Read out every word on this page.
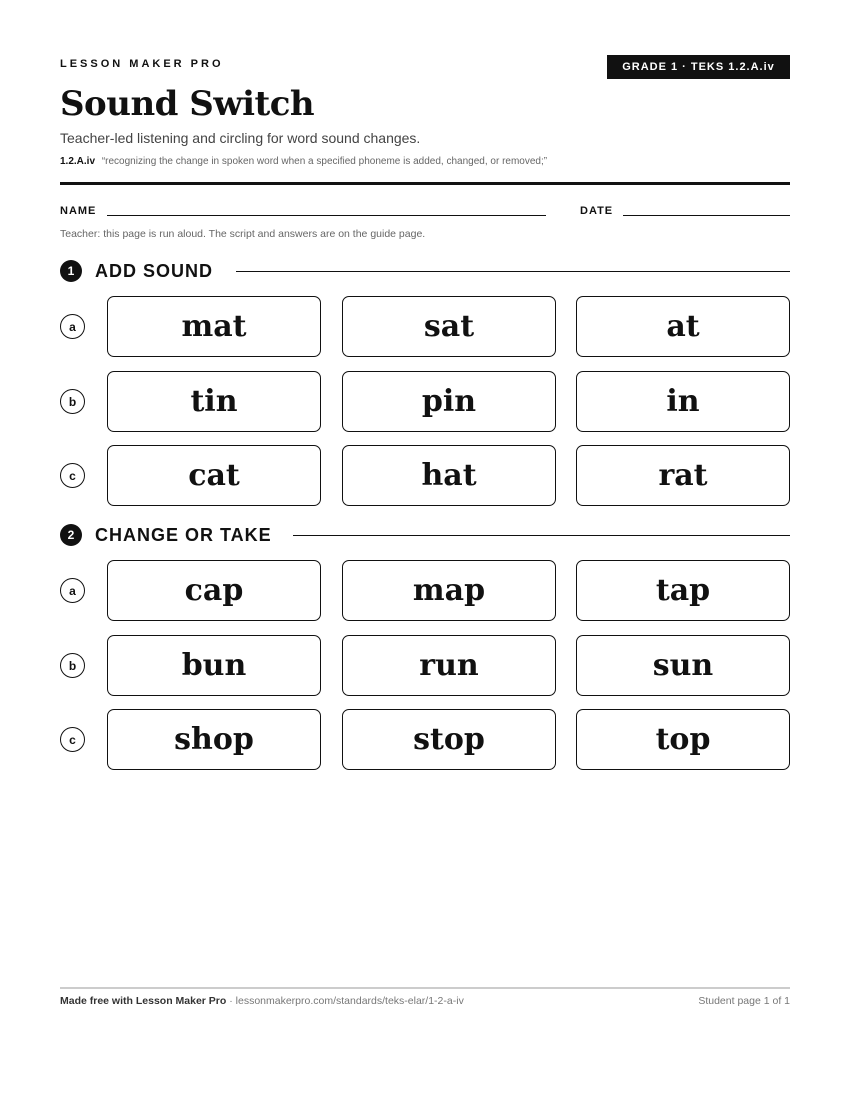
LESSON MAKER PRO	GRADE 1 · TEKS 1.2.A.iv
Sound Switch
Teacher-led listening and circling for word sound changes.
1.2.A.iv “recognizing the change in spoken word when a specified phoneme is added, changed, or removed;”
NAME	DATE
Teacher: this page is run aloud. The script and answers are on the guide page.
1	ADD SOUND
a	mat	sat	at
b	tin	pin	in
c	cat	hat	rat
2	CHANGE OR TAKE
a	cap	map	tap
b	bun	run	sun
c	shop	stop	top
Made free with Lesson Maker Pro · lessonmakerpro.com/standards/teks-elar/1-2-a-iv	Student page 1 of 1
